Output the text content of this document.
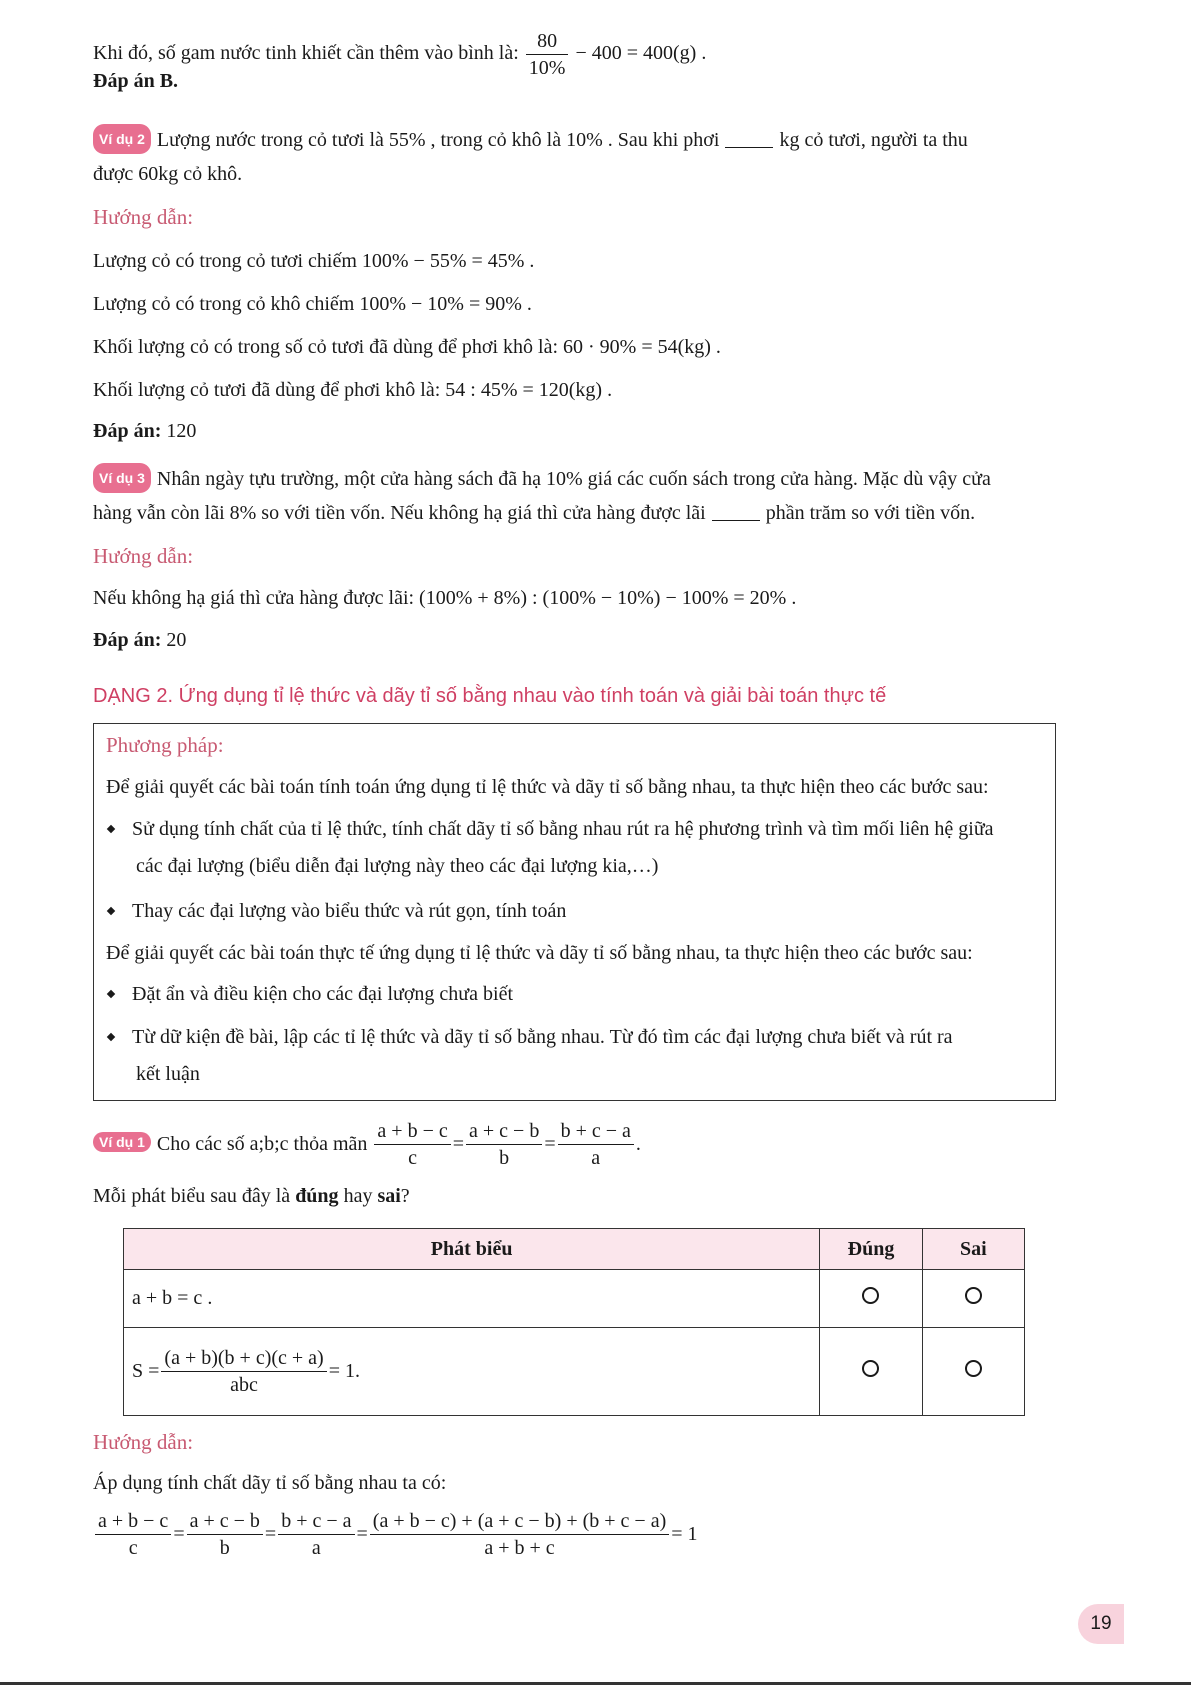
Khi đó, số gam nước tinh khiết cần thêm vào bình là: $\frac{80}{10\%} - 400 = 400(g)$ .
Đáp án B.
Ví dụ 2 Lượng nước trong cỏ tươi là 55% , trong cỏ khô là 10% . Sau khi phơi	kg cỏ tươi, người ta thu
được 60kg cỏ khô.
Hướng dẫn:
Lượng cỏ có trong cỏ tươi chiếm 100% − 55% = 45% .
Lượng cỏ có trong cỏ khô chiếm 100% − 10% = 90% .
Khối lượng cỏ có trong số cỏ tươi đã dùng để phơi khô là: 60 · 90% = 54(kg) .
Khối lượng cỏ tươi đã dùng để phơi khô là: 54 : 45% = 120(kg) .
Đáp án: 120
Ví dụ 3 Nhân ngày tựu trường, một cửa hàng sách đã hạ 10% giá các cuốn sách trong cửa hàng. Mặc dù vậy cửa
hàng vẫn còn lãi 8% so với tiền vốn. Nếu không hạ giá thì cửa hàng được lãi	phần trăm so với tiền vốn.
Hướng dẫn:
Nếu không hạ giá thì cửa hàng được lãi: (100% + 8%) : (100% − 10%) − 100% = 20% .
Đáp án: 20
DẠNG 2. Ứng dụng tỉ lệ thức và dãy tỉ số bằng nhau vào tính toán và giải bài toán thực tế
Phương pháp:
Để giải quyết các bài toán tính toán ứng dụng tỉ lệ thức và dãy tỉ số bằng nhau, ta thực hiện theo các bước sau:
Sử dụng tính chất của tỉ lệ thức, tính chất dãy tỉ số bằng nhau rút ra hệ phương trình và tìm mối liên hệ giữa
các đại lượng (biểu diễn đại lượng này theo các đại lượng kia,…)
Thay các đại lượng vào biểu thức và rút gọn, tính toán
Để giải quyết các bài toán thực tế ứng dụng tỉ lệ thức và dãy tỉ số bằng nhau, ta thực hiện theo các bước sau:
Đặt ẩn và điều kiện cho các đại lượng chưa biết
Từ dữ kiện đề bài, lập các tỉ lệ thức và dãy tỉ số bằng nhau. Từ đó tìm các đại lượng chưa biết và rút ra
kết luận
Ví dụ 1 Cho các số a;b;c thỏa mãn $\frac{a + b - c}{c} = \frac{a + c - b}{b} = \frac{b + c - a}{a}$ .
Mỗi phát biểu sau đây là đúng hay sai?
Phát biểu	Đúng	Sai
a + b = c .		
$S = \frac{(a + b)(b + c)(c + a)}{\text{abc}} = 1$.		
Hướng dẫn:
Áp dụng tính chất dãy tỉ số bằng nhau ta có:
$\frac{a + b - c}{c} = \frac{a + c - b}{b} = \frac{b + c - a}{a} = \frac{(a + b - c) + (a + c - b) + (b + c - a)}{a + b + c} = 1$
19
